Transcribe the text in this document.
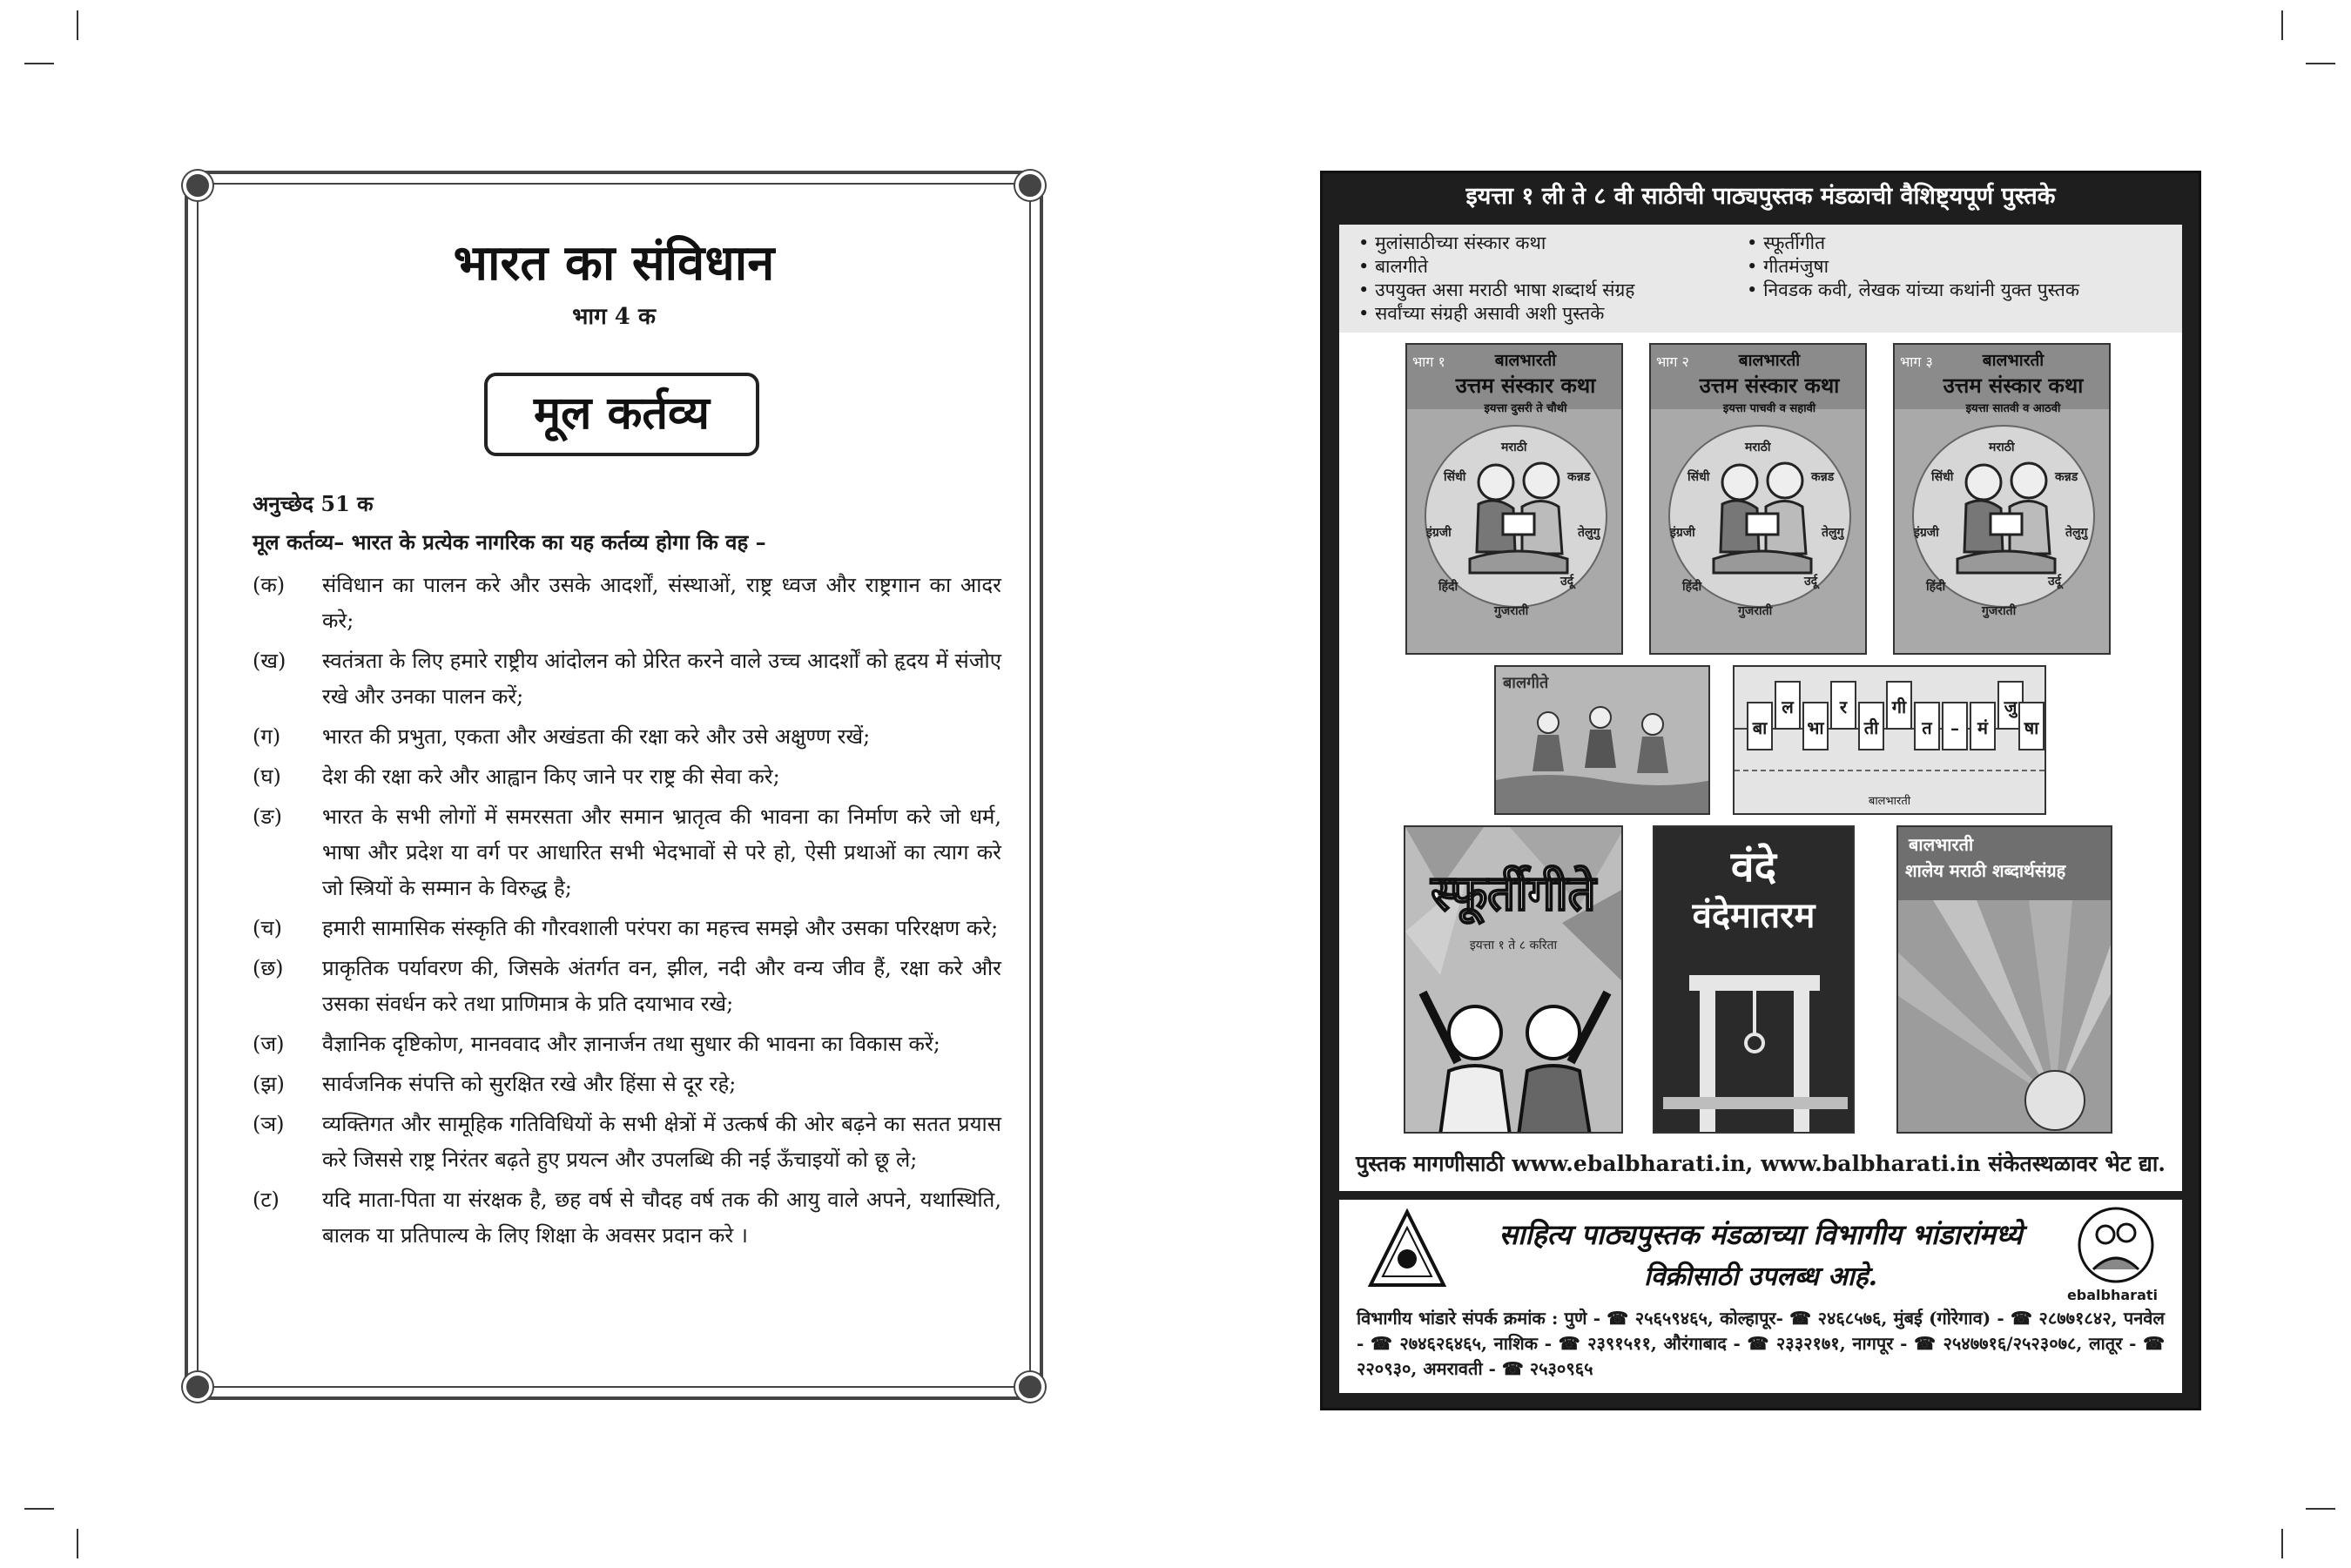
भारत का संविधान
भाग 4 क
मूल कर्तव्य
अनुच्छेद 51 क
मूल कर्तव्य– भारत के प्रत्येक नागरिक का यह कर्तव्य होगा कि वह –
(क)	संविधान का पालन करे और उसके आदर्शों, संस्थाओं, राष्ट्र ध्वज और राष्ट्रगान का आदर करे;
(ख)	स्वतंत्रता के लिए हमारे राष्ट्रीय आंदोलन को प्रेरित करने वाले उच्च आदर्शों को हृदय में संजोए रखे और उनका पालन करें;
(ग)	भारत की प्रभुता, एकता और अखंडता की रक्षा करे और उसे अक्षुण्ण रखें;
(घ)	देश की रक्षा करे और आह्वान किए जाने पर राष्ट्र की सेवा करे;
(ङ)	भारत के सभी लोगों में समरसता और समान भ्रातृत्व की भावना का निर्माण करे जो धर्म, भाषा और प्रदेश या वर्ग पर आधारित सभी भेदभावों से परे हो, ऐसी प्रथाओं का त्याग करे जो स्त्रियों के सम्मान के विरुद्ध है;
(च)	हमारी सामासिक संस्कृति की गौरवशाली परंपरा का महत्त्व समझे और उसका परिरक्षण करे;
(छ)	प्राकृतिक पर्यावरण की, जिसके अंतर्गत वन, झील, नदी और वन्य जीव हैं, रक्षा करे और उसका संवर्धन करे तथा प्राणिमात्र के प्रति दयाभाव रखे;
(ज)	वैज्ञानिक दृष्टिकोण, मानववाद और ज्ञानार्जन तथा सुधार की भावना का विकास करें;
(झ)	सार्वजनिक संपत्ति को सुरक्षित रखे और हिंसा से दूर रहे;
(ञ)	व्यक्तिगत और सामूहिक गतिविधियों के सभी क्षेत्रों में उत्कर्ष की ओर बढ़ने का सतत प्रयास करे जिससे राष्ट्र निरंतर बढ़ते हुए प्रयत्न और उपलब्धि की नई ऊँचाइयों को छू ले;
(ट)	यदि माता-पिता या संरक्षक है, छह वर्ष से चौदह वर्ष तक की आयु वाले अपने, यथास्थिति, बालक या प्रतिपाल्य के लिए शिक्षा के अवसर प्रदान करे ।
इयत्ता १ ली ते ८ वी साठीची पाठ्यपुस्तक मंडळाची वैशिष्ट्यपूर्ण पुस्तके
• मुलांसाठीच्या संस्कार कथा
• बालगीते
• उपयुक्त असा मराठी भाषा शब्दार्थ संग्रह
• सर्वांच्या संग्रही असावी अशी पुस्तके
• स्फूर्तीगीत
• गीतमंजुषा
• निवडक कवी, लेखक यांच्या कथांनी युक्त पुस्तक
भाग १	बालभारती
उत्तम संस्कार कथा
इयत्ता दुसरी ते चौथी
मराठी
कन्नड
तेलुगु
उर्दू
गुजराती
हिंदी
इंग्रजी
सिंधी
भाग २	बालभारती
उत्तम संस्कार कथा
इयत्ता पाचवी व सहावी
मराठी
कन्नड
तेलुगु
उर्दू
गुजराती
हिंदी
इंग्रजी
सिंधी
भाग ३	बालभारती
उत्तम संस्कार कथा
इयत्ता सातवी व आठवी
मराठी
कन्नड
तेलुगु
उर्दू
गुजराती
हिंदी
इंग्रजी
सिंधी
बालगीते
बा
ल
भा
र
ती
गी
त	–	मं
जु
षा
बालभारती
स्फूर्तीगीते
इयत्ता १ ते ८ करिता
वंदे
वंदेमातरम
बालभारती
शालेय मराठी शब्दार्थसंग्रह
पुस्तक मागणीसाठी www.ebalbharati.in, www.balbharati.in संकेतस्थळावर भेट द्या.
साहित्य पाठ्यपुस्तक मंडळाच्या विभागीय भांडारांमध्ये
विक्रीसाठी उपलब्ध आहे.
ebalbharati
विभागीय भांडारे संपर्क क्रमांक : पुणे - ☎ २५६५९४६५, कोल्हापूर- ☎ २४६८५७६, मुंबई (गोरेगाव) - ☎ २८७७१८४२, पनवेल - ☎ २७४६२६४६५, नाशिक - ☎ २३९१५११, औरंगाबाद - ☎ २३३२१७१, नागपूर - ☎ २५४७७१६/२५२३०७८, लातूर - ☎ २२०९३०, अमरावती - ☎ २५३०९६५
